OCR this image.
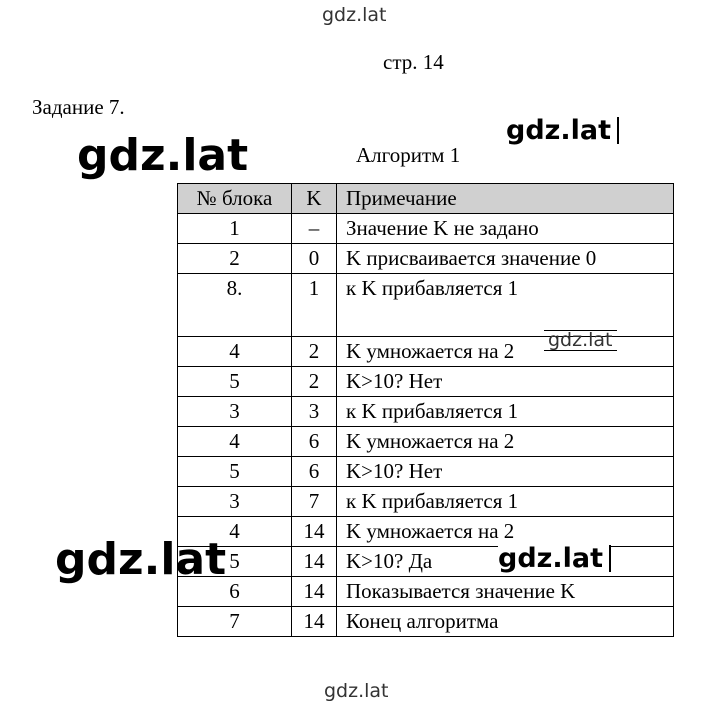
gdz.lat
стр. 14
Задание 7.
Алгоритм 1
№ блока	K	Примечание
1	–	Значение K не задано
2	0	K присваивается значение 0
8.	1	к K прибавляется 1
4	2	K умножается на 2
5	2	K>10? Нет
3	3	к K прибавляется 1
4	6	K умножается на 2
5	6	K>10? Нет
3	7	к K прибавляется 1
4	14	K умножается на 2
5	14	K>10? Да
6	14	Показывается значение K
7	14	Конец алгоритма
gdz.lat	gdz.lat
gdz.lat
gdz.lat	gdz.lat
gdz.lat
